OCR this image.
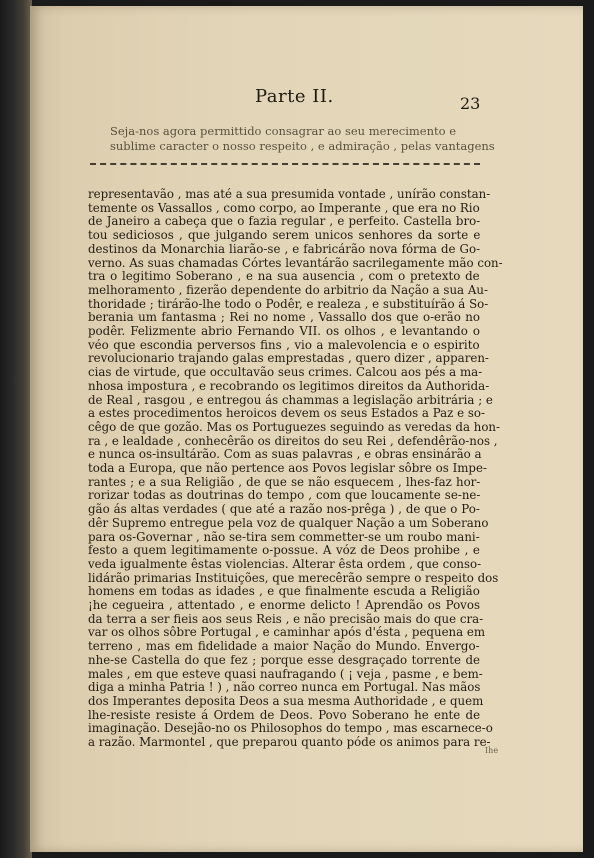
Parte II.	23
Seja-nos agora permittido consagrar ao seu merecimento e
sublime caracter o nosso respeito , e admiração , pelas vantagens
representavão , mas até a sua presumida vontade , unírão constan-
temente os Vassallos , como corpo, ao Imperante , que era no Rio
de Janeiro a cabeça que o fazia regular , e perfeito. Castella bro-
tou sediciosos , que julgando serem unicos senhores da sorte e
destinos da Monarchia liarão-se , e fabricárão nova fórma de Go-
verno. As suas chamadas Córtes levantárão sacrilegamente mão con-
tra o legitimo Soberano , e na sua ausencia , com o pretexto de
melhoramento , fizerão dependente do arbitrio da Nação a sua Au-
thoridade ; tirárão-lhe todo o Podêr, e realeza , e substituírão á So-
berania um fantasma ; Rei no nome , Vassallo dos que o-erão no
podêr. Felizmente abrio Fernando VII. os olhos , e levantando o
véo que escondia perversos fins , vio a malevolencia e o espirito
revolucionario trajando galas emprestadas , quero dizer , apparen-
cias de virtude, que occultavão seus crimes. Calcou aos pés a ma-
nhosa impostura , e recobrando os legitimos direitos da Authorida-
de Real , rasgou , e entregou ás chammas a legislação arbitrária ; e
a estes procedimentos heroicos devem os seus Estados a Paz e so-
cêgo de que gozão. Mas os Portuguezes seguindo as veredas da hon-
ra , e lealdade , conhecêrão os direitos do seu Rei , defendêrão-nos ,
e nunca os-insultárão. Com as suas palavras , e obras ensinárão a
toda a Europa, que não pertence aos Povos legislar sôbre os Impe-
rantes ; e a sua Religião , de que se não esquecem , lhes-faz hor-
rorizar todas as doutrinas do tempo , com que loucamente se-ne-
gão ás altas verdades ( que até a razão nos-prêga ) , de que o Po-
dêr Supremo entregue pela voz de qualquer Nação a um Soberano
para os-Governar , não se-tira sem commetter-se um roubo mani-
festo a quem legitimamente o-possue. A vóz de Deos prohibe , e
veda igualmente êstas violencias. Alterar êsta ordem , que conso-
lidárão primarias Instituições, que merecêrão sempre o respeito dos
homens em todas as idades , e que finalmente escuda a Religião
¡he cegueira , attentado , e enorme delicto ! Aprendão os Povos
da terra a ser fieis aos seus Reis , e não precisão mais do que cra-
var os olhos sôbre Portugal , e caminhar após d'ésta , pequena em
terreno , mas em fidelidade a maior Nação do Mundo. Envergo-
nhe-se Castella do que fez ; porque esse desgraçado torrente de
males , em que esteve quasi naufragando ( ¡ veja , pasme , e bem-
diga a minha Patria ! ) , não correo nunca em Portugal. Nas mãos
dos Imperantes deposita Deos a sua mesma Authoridade , e quem
lhe-resiste resiste á Ordem de Deos. Povo Soberano he ente de
imaginação. Desejão-no os Philosophos do tempo , mas escarnece-o
a razão. Marmontel , que preparou quanto póde os animos para re-
Ihe
